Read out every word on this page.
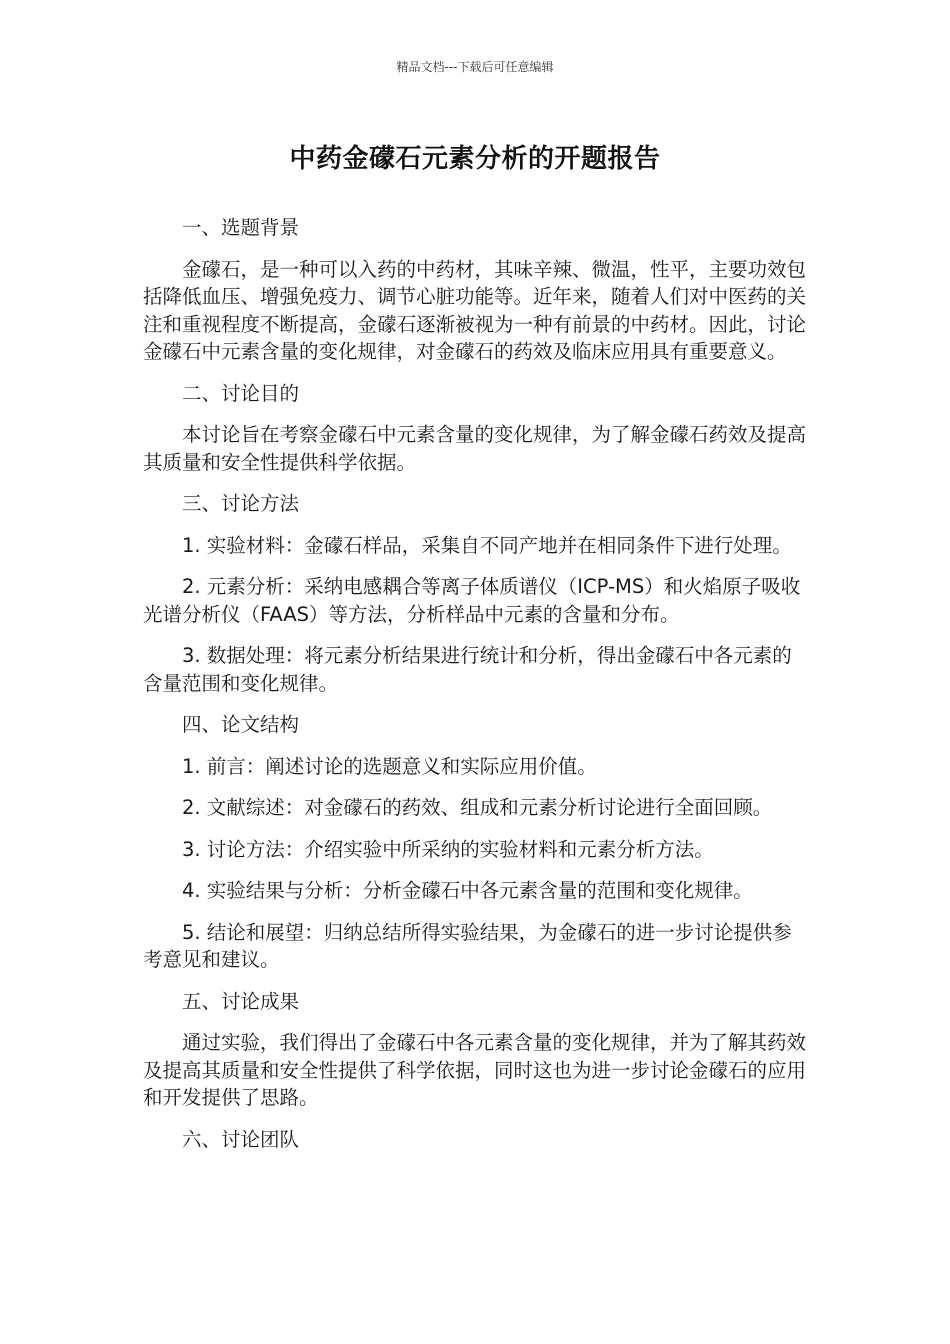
精品文档---下载后可任意编辑
中药金礞石元素分析的开题报告
一、选题背景
金礞石，是一种可以入药的中药材，其味辛辣、微温，性平，主要功效包括降低血压、增强免疫力、调节心脏功能等。近年来，随着人们对中医药的关注和重视程度不断提高，金礞石逐渐被视为一种有前景的中药材。因此，讨论金礞石中元素含量的变化规律，对金礞石的药效及临床应用具有重要意义。
二、讨论目的
本讨论旨在考察金礞石中元素含量的变化规律，为了解金礞石药效及提高其质量和安全性提供科学依据。
三、讨论方法
1. 实验材料：金礞石样品，采集自不同产地并在相同条件下进行处理。
2. 元素分析：采纳电感耦合等离子体质谱仪（ICP-MS）和火焰原子吸收光谱分析仪（FAAS）等方法，分析样品中元素的含量和分布。
3. 数据处理：将元素分析结果进行统计和分析，得出金礞石中各元素的含量范围和变化规律。
四、论文结构
1. 前言：阐述讨论的选题意义和实际应用价值。
2. 文献综述：对金礞石的药效、组成和元素分析讨论进行全面回顾。
3. 讨论方法：介绍实验中所采纳的实验材料和元素分析方法。
4. 实验结果与分析：分析金礞石中各元素含量的范围和变化规律。
5. 结论和展望：归纳总结所得实验结果，为金礞石的进一步讨论提供参考意见和建议。
五、讨论成果
通过实验，我们得出了金礞石中各元素含量的变化规律，并为了解其药效及提高其质量和安全性提供了科学依据，同时这也为进一步讨论金礞石的应用和开发提供了思路。
六、讨论团队
